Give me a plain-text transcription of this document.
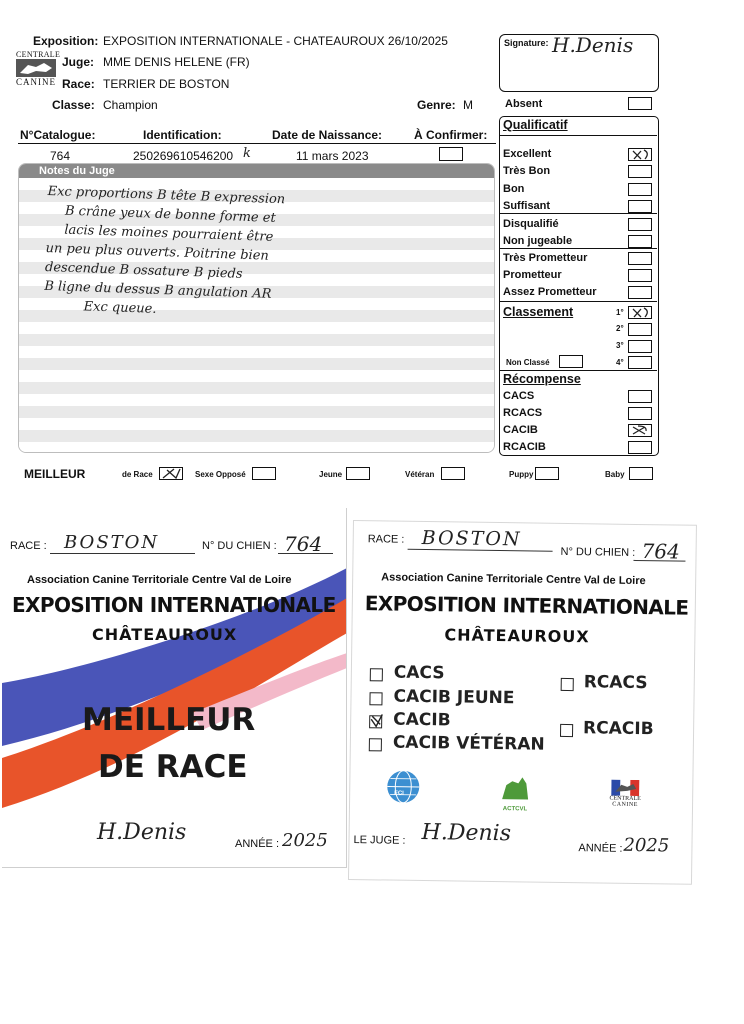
Exposition: EXPOSITION INTERNATIONALE - CHATEAUROUX 26/10/2025
CENTRALE
CANINE
Juge: MME DENIS HELENE (FR)
Race: TERRIER DE BOSTON
Classe: Champion	Genre: M
Signature: H.Denis
Absent
N°Catalogue:	Identification:	Date de Naissance:	À Confirmer:
764	250269610546200 k	11 mars 2023
Notes du Juge
Exc proportions B tête B expression
B crâne yeux de bonne forme et
lacis les moines pourraient être
un peu plus ouverts. Poitrine bien
descendue B ossature B pieds
B ligne du dessus B angulation AR
Exc queue.
Qualificatif
Excellent
Très Bon
Bon
Suffisant
Disqualifié
Non jugeable
Très Prometteur
Prometteur
Assez Prometteur
Classement	1°
2°
3°
Non Classé	4°
Récompense
CACS
RCACS
CACIB
RCACIB
MEILLEUR	de Race	Sexe Opposé	Jeune	Vétéran	Puppy	Baby
RACE : BOSTON	N° DU CHIEN : 764
Association Canine Territoriale Centre Val de Loire
EXPOSITION INTERNATIONALE
CHÂTEAUROUX
MEILLEUR
DE RACE
LE JUGE : H.Denis	ANNÉE : 2025
RACE : BOSTON
N° DU CHIEN : 764
Association Canine Territoriale Centre Val de Loire
EXPOSITION INTERNATIONALE
CHÂTEAUROUX
CACS
CACIB JEUNE
CACIB
CACIB VÉTÉRAN
RCACS
RCACIB
FCI
ACTCVL
CENTRALE
CANINE
LE JUGE : H.Denis
ANNÉE : 2025
